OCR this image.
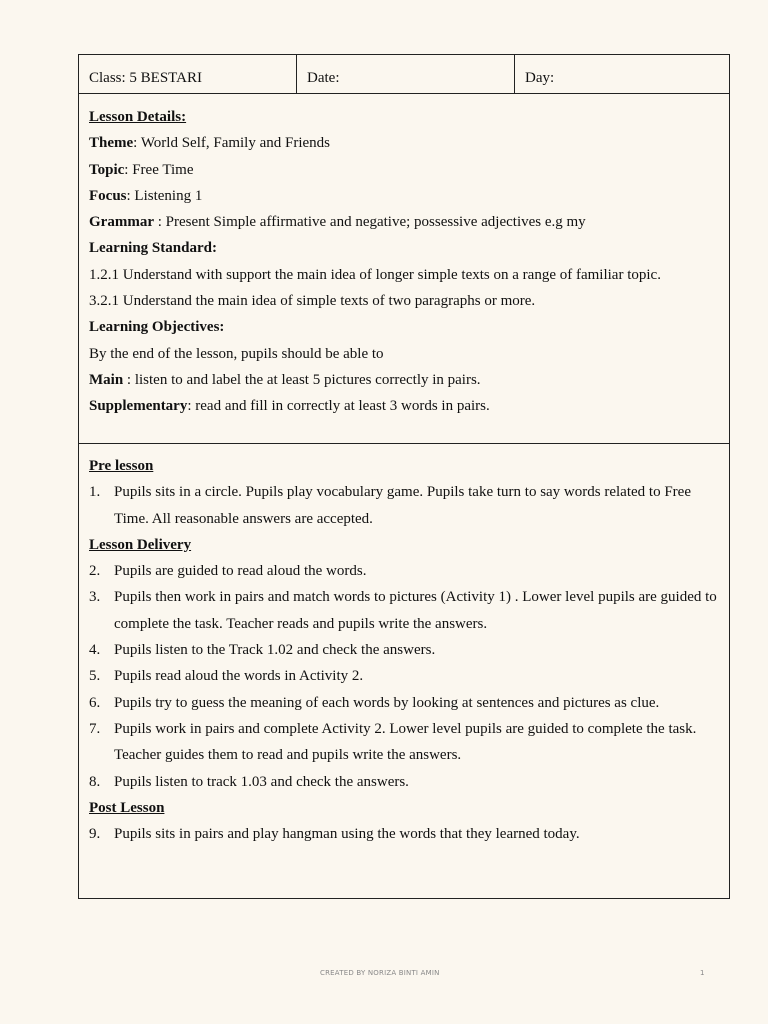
Class: 5 BESTARI	Date:	Day:
Lesson Details:
Theme: World Self, Family and Friends
Topic: Free Time
Focus: Listening 1
Grammar : Present Simple affirmative and negative; possessive adjectives e.g my
Learning Standard:
1.2.1 Understand with support the main idea of longer simple texts on a range of familiar topic.
3.2.1 Understand the main idea of simple texts of two paragraphs or more.
Learning Objectives:
By the end of the lesson, pupils should be able to
Main : listen to and label the at least 5 pictures correctly in pairs.
Supplementary: read and fill in correctly at least 3 words in pairs.
Pre lesson
1. Pupils sits in a circle. Pupils play vocabulary game. Pupils take turn to say words related to Free Time. All reasonable answers are accepted.
Lesson Delivery
2. Pupils are guided to read aloud the words.
3. Pupils then work in pairs and match words to pictures (Activity 1) . Lower level pupils are guided to complete the task. Teacher reads and pupils write the answers.
4. Pupils listen to the Track 1.02 and check the answers.
5. Pupils read aloud the words in Activity 2.
6. Pupils try to guess the meaning of each words by looking at sentences and pictures as clue.
7. Pupils work in pairs and complete Activity 2. Lower level pupils are guided to complete the task. Teacher guides them to read and pupils write the answers.
8. Pupils listen to track 1.03 and check the answers.
Post Lesson
9. Pupils sits in pairs and play hangman using the words that they learned today.
CREATED BY NORIZA BINTI AMIN	1
